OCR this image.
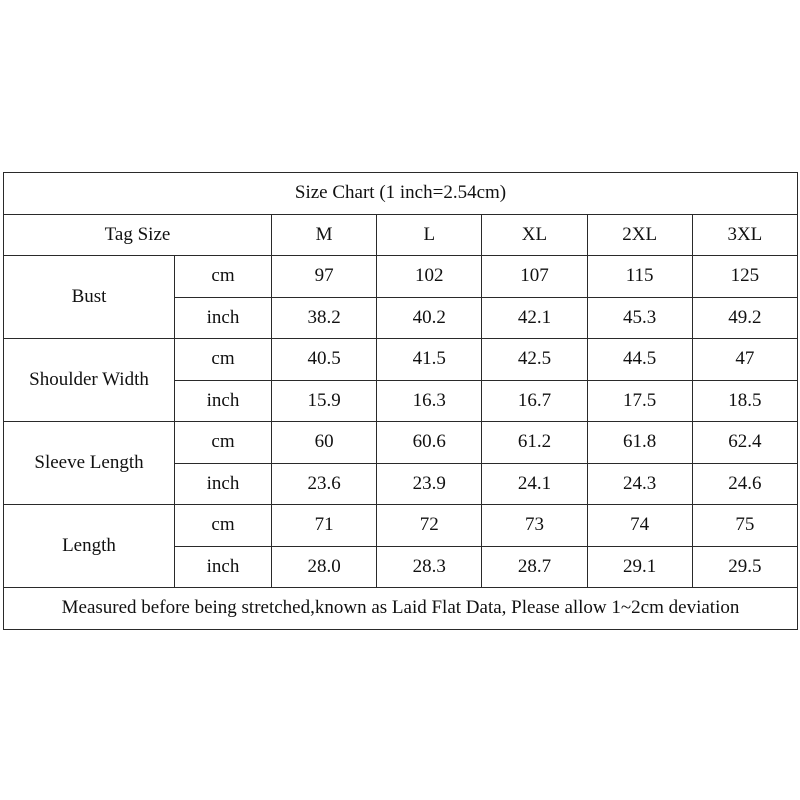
Size Chart (1 inch=2.54cm)						
Tag Size		M	L	XL	2XL	3XL
Bust	cm	97	102	107	115	125
	inch	38.2	40.2	42.1	45.3	49.2
Shoulder Width	cm	40.5	41.5	42.5	44.5	47
	inch	15.9	16.3	16.7	17.5	18.5
Sleeve Length	cm	60	60.6	61.2	61.8	62.4
	inch	23.6	23.9	24.1	24.3	24.6
Length	cm	71	72	73	74	75
	inch	28.0	28.3	28.7	29.1	29.5
Measured before being stretched,known as Laid Flat Data, Please allow 1~2cm deviation						
